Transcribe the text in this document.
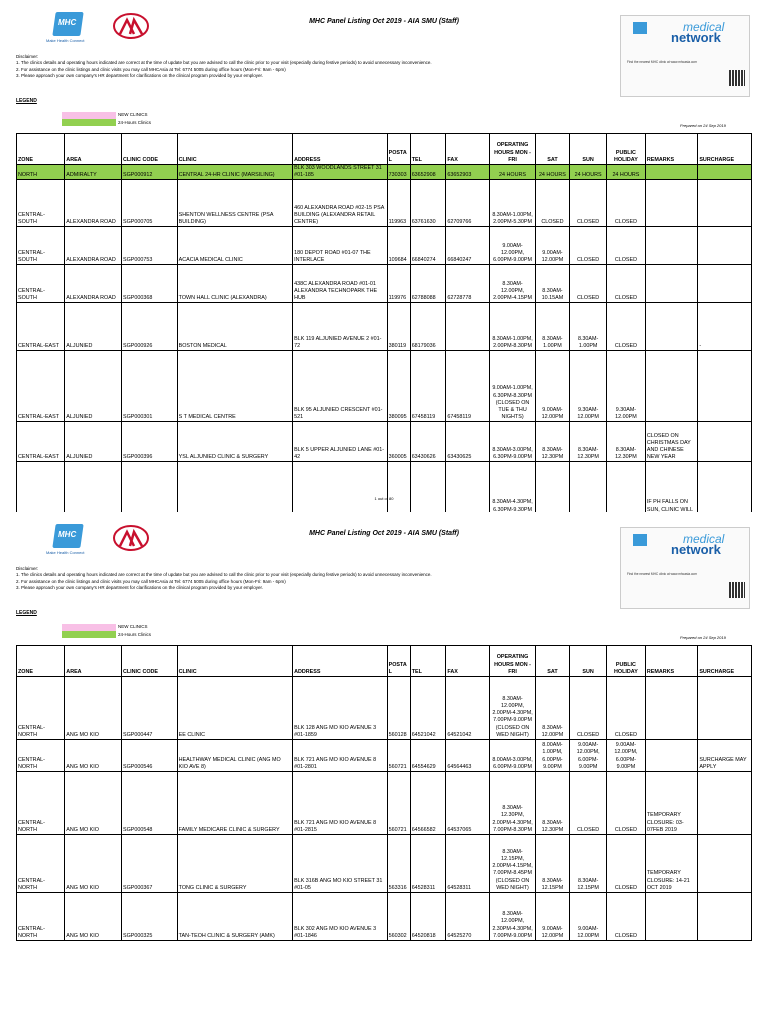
MHC
Make Health Connect
MHC Panel Listing Oct 2019 - AIA SMU (Staff)	medical
network
Find the nearest MHC clinic at www.mhcasia.com
Disclaimer:
1. The clinics details and operating hours indicated are correct at the time of update but you are advised to call the clinic prior to your visit (especially during festive periods) to avoid unnecessary inconvenience.
2. For assistance on the clinic listings and clinic visits you may call MHCAsia at Tel: 6774 5005 during office hours (Mon-Fri: 9am - 6pm)
3. Please approach your own company's HR department for clarifications on the clinical program provided by your employer.
LEGEND
NEW CLINICS
24-Hours Clinics
Prepared on 24 Sep 2019
ZONE	AREA	CLINIC CODE	CLINIC	ADDRESS	POSTAL	TEL	FAX	OPERATING HOURS MON - FRI	SAT	SUN	PUBLIC HOLIDAY	REMARKS	SURCHARGE
NORTH	ADMIRALTY	SGP000912	CENTRAL 24-HR CLINIC (MARSILING)	BLK 303 WOODLANDS STREET 31 #01-185	730303	63652908	63652903	24 HOURS	24 HOURS	24 HOURS	24 HOURS		
CENTRAL-SOUTH	ALEXANDRA ROAD	SGP000705	SHENTON WELLNESS CENTRE (PSA BUILDING)	460 ALEXANDRA ROAD #02-15 PSA BUILDING (ALEXANDRA RETAIL CENTRE)	119963	63761630	62709766	8.30AM-1.00PM, 2.00PM-5.30PM	CLOSED	CLOSED	CLOSED		
CENTRAL-SOUTH	ALEXANDRA ROAD	SGP000753	ACACIA MEDICAL CLINIC	180 DEPOT ROAD #01-07 THE INTERLACE	109684	66840274	66840247	9.00AM-12.00PM, 6.00PM-9.00PM	9.00AM-12.00PM	CLOSED	CLOSED		
CENTRAL-SOUTH	ALEXANDRA ROAD	SGP000368	TOWN HALL CLINIC (ALEXANDRA)	438C ALEXANDRA ROAD #01-01 ALEXANDRA TECHNOPARK THE HUB	119976	62788088	62728778	8.30AM-12.00PM, 2.00PM-4.15PM	8.30AM-10.15AM	CLOSED	CLOSED		
CENTRAL-EAST	ALJUNIED	SGP000926	BOSTON MEDICAL	BLK 119 ALJUNIED AVENUE 2 #01-72	380119	68179036		8.30AM-1.00PM, 2.00PM-8.30PM	8.30AM-1.00PM	8.30AM-1.00PM	CLOSED		-
CENTRAL-EAST	ALJUNIED	SGP000301	S T MEDICAL CENTRE	BLK 95 ALJUNIED CRESCENT #01-521	380095	67458119	67458119	9.00AM-1.00PM, 6.30PM-8.30PM (CLOSED ON TUE & THU NIGHTS)	9.00AM-12.00PM	9.30AM-12.00PM	9.30AM-12.00PM		
CENTRAL-EAST	ALJUNIED	SGP000396	YSL ALJUNIED CLINIC & SURGERY	BLK 5 UPPER ALJUNIED LANE #01-42	360005	63430626	63430625	8.30AM-3.00PM, 6.30PM-9.00PM	8.30AM-12.30PM	8.30AM-12.30PM	8.30AM-12.30PM	CLOSED ON CHRISTMAS DAY AND CHINESE NEW YEAR	
								8.30AM-4.30PM, 6.30PM-9.30PM				IF PH FALLS ON SUN, CLINIC WILL	
1 out of 80
MHC
Make Health Connect
MHC Panel Listing Oct 2019 - AIA SMU (Staff)	medical
network
Find the nearest MHC clinic at www.mhcasia.com
Disclaimer:
1. The clinics details and operating hours indicated are correct at the time of update but you are advised to call the clinic prior to your visit (especially during festive periods) to avoid unnecessary inconvenience.
2. For assistance on the clinic listings and clinic visits you may call MHCAsia at Tel: 6774 5005 during office hours (Mon-Fri: 9am - 6pm)
3. Please approach your own company's HR department for clarifications on the clinical program provided by your employer.
LEGEND
NEW CLINICS
24-Hours Clinics
Prepared on 24 Sep 2019
ZONE	AREA	CLINIC CODE	CLINIC	ADDRESS	POSTAL	TEL	FAX	OPERATING HOURS MON - FRI	SAT	SUN	PUBLIC HOLIDAY	REMARKS	SURCHARGE
CENTRAL-NORTH	ANG MO KIO	SGP000447	EE CLINIC	BLK 128 ANG MO KIO AVENUE 3 #01-1859	560128	64521042	64521042	8.30AM-12.00PM, 2.00PM-4.30PM, 7.00PM-9.00PM (CLOSED ON WED NIGHT)	8.30AM-12.00PM	CLOSED	CLOSED		
CENTRAL-NORTH	ANG MO KIO	SGP000546	HEALTHWAY MEDICAL CLINIC (ANG MO KIO AVE 8)	BLK 721 ANG MO KIO AVENUE 8 #01-2801	560721	64554629	64564463	8.00AM-3.00PM, 6.00PM-9.00PM	8.00AM-1.00PM, 6.00PM-9.00PM	9.00AM-12.00PM, 6.00PM-9.00PM	9.00AM-12.00PM, 6.00PM-9.00PM		SURCHARGE MAY APPLY
CENTRAL-NORTH	ANG MO KIO	SGP000548	FAMILY MEDICARE CLINIC & SURGERY	BLK 721 ANG MO KIO AVENUE 8 #01-2815	560721	64566582	64537065	8.30AM-12.30PM, 2.00PM-4.30PM, 7.00PM-8.30PM	8.30AM-12.30PM	CLOSED	CLOSED	TEMPORARY CLOSURE: 03-07FEB 2019	
CENTRAL-NORTH	ANG MO KIO	SGP000367	TONG CLINIC & SURGERY	BLK 316B ANG MO KIO STREET 31 #01-05	563316	64528311	64528311	8.30AM-12.15PM, 2.00PM-4.15PM, 7.00PM-8.45PM (CLOSED ON WED NIGHT)	8.30AM-12.15PM	8.30AM-12.15PM	CLOSED	TEMPORARY CLOSURE: 14-21 OCT 2019	
CENTRAL-NORTH	ANG MO KIO	SGP000325	TAN-TEOH CLINIC & SURGERY (AMK)	BLK 302 ANG MO KIO AVENUE 3 #01-1846	560302	64520818	64525270	8.30AM-12.00PM, 2.30PM-4.30PM, 7.00PM-9.00PM	9.00AM-12.00PM	9.00AM-12.00PM	CLOSED		
